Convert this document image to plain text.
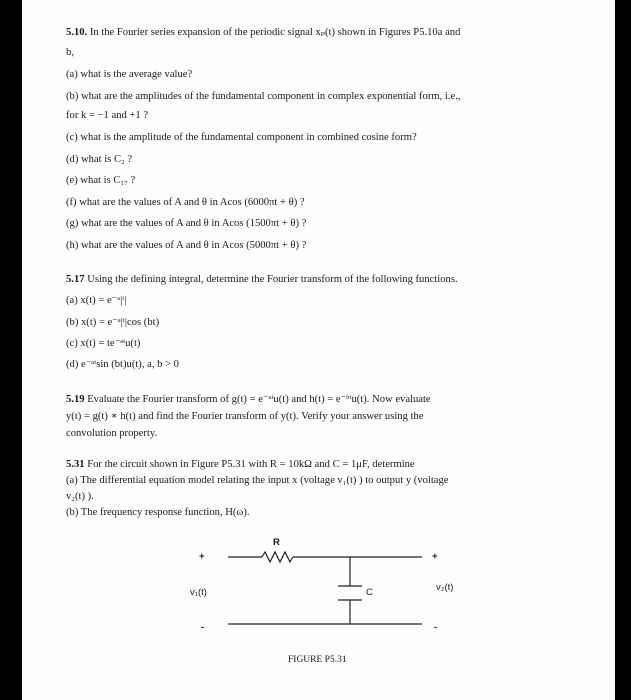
5.10. In the Fourier series expansion of the periodic signal xₚ(t) shown in Figures P5.10a and
b,
(a) what is the average value?
(b) what are the amplitudes of the fundamental component in complex exponential form, i.e.,
for k = −1 and +1 ?
(c) what is the amplitude of the fundamental component in combined cosine form?
(d) what is C₂ ?
(e) what is C₁₇ ?
(f) what are the values of A and θ in Acos (6000πt + θ) ?
(g) what are the values of A and θ in Acos (1500πt + θ) ?
(h) what are the values of A and θ in Acos (5000πt + θ) ?
5.17 Using the defining integral, determine the Fourier transform of the following functions.
(a) x(t) = e⁻ᵃ|ᵗ|
(b) x(t) = e⁻ᵃ|ᵗ|cos (bt)
(c) x(t) = te⁻ᵃᵗu(t)
(d) e⁻ᵃᵗsin (bt)u(t), a, b > 0
5.19 Evaluate the Fourier transform of g(t) = e⁻ᵃᵗu(t) and h(t) = e⁻ᵇᵗu(t). Now evaluate
y(t) = g(t) ∗ h(t) and find the Fourier transform of y(t). Verify your answer using the
convolution property.
5.31 For the circuit shown in Figure P5.31 with R = 10kΩ and C = 1μF, determine
(a) The differential equation model relating the input x (voltage v₁(t) ) to output y (voltage
v₂(t) ).
(b) The frequency response function, H(ω).
R
C
v₁(t)	v₂(t)
+	+
-	-
FIGURE P5.31
